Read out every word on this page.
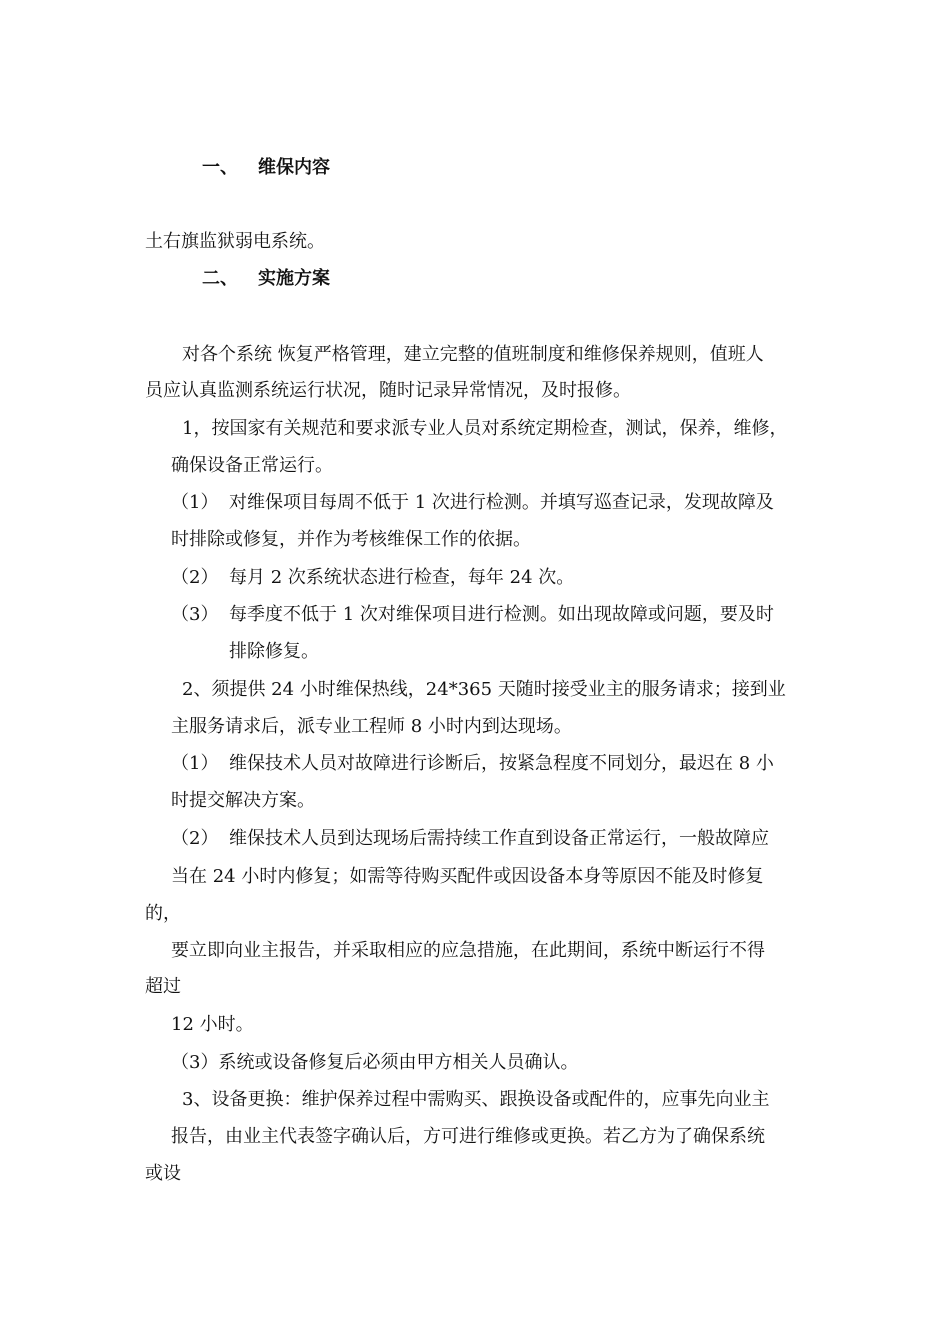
一、 维保内容

土右旗监狱弱电系统。

二、 实施方案

对各个系统 恢复严格管理，建立完整的值班制度和维修保养规则，值班人

员应认真监测系统运行状况，随时记录异常情况，及时报修。

1，按国家有关规范和要求派专业人员对系统定期检查，测试，保养，维修，

确保设备正常运行。

（1） 对维保项目每周不低于 1 次进行检测。并填写巡查记录，发现故障及

时排除或修复，并作为考核维保工作的依据。

（2） 每月 2 次系统状态进行检查，每年 24 次。

（3） 每季度不低于 1 次对维保项目进行检测。如出现故障或问题，要及时

排除修复。

2、须提供 24 小时维保热线，24*365 天随时接受业主的服务请求；接到业

主服务请求后，派专业工程师 8 小时内到达现场。

（1） 维保技术人员对故障进行诊断后，按紧急程度不同划分，最迟在 8 小

时提交解决方案。

（2） 维保技术人员到达现场后需持续工作直到设备正常运行，一般故障应

当在 24 小时内修复；如需等待购买配件或因设备本身等原因不能及时修复

的，

要立即向业主报告，并采取相应的应急措施，在此期间，系统中断运行不得

超过

12 小时。

（3）系统或设备修复后必须由甲方相关人员确认。

3、设备更换：维护保养过程中需购买、跟换设备或配件的，应事先向业主

报告，由业主代表签字确认后，方可进行维修或更换。若乙方为了确保系统

或设
